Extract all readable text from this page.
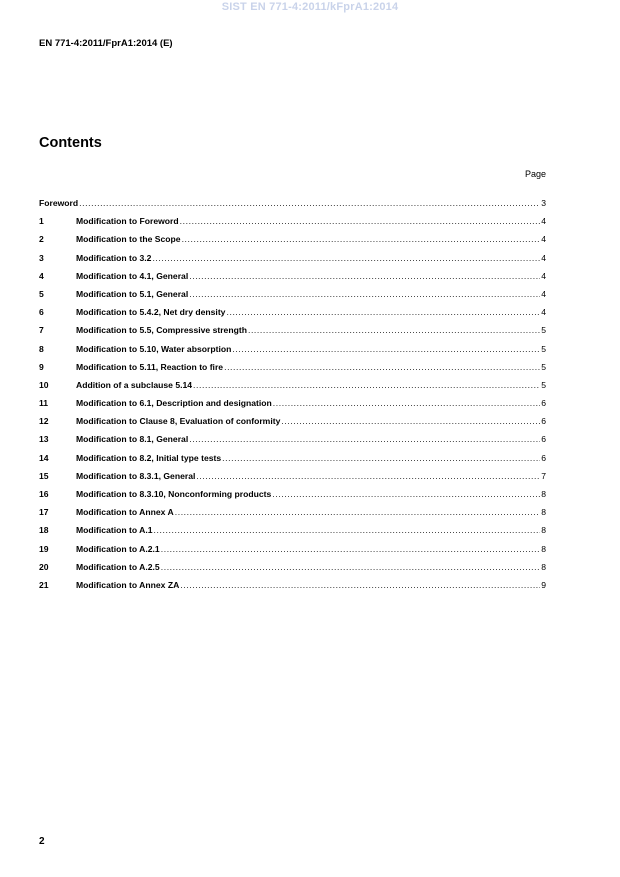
SIST EN 771-4:2011/kFprA1:2014
EN 771-4:2011/FprA1:2014 (E)
Contents
Page
Foreword .....	3
1	Modification to Foreword .....	4
2	Modification to the Scope .....	4
3	Modification to 3.2 .....	4
4	Modification to 4.1, General .....	4
5	Modification to 5.1, General .....	4
6	Modification to 5.4.2, Net dry density .....	4
7	Modification to 5.5, Compressive strength .....	5
8	Modification to 5.10, Water absorption .....	5
9	Modification to 5.11, Reaction to fire .....	5
10	Addition of a subclause 5.14 .....	5
11	Modification to 6.1, Description and designation .....	6
12	Modification to Clause 8, Evaluation of conformity .....	6
13	Modification to 8.1, General .....	6
14	Modification to 8.2, Initial type tests .....	6
15	Modification to 8.3.1, General .....	7
16	Modification to 8.3.10, Nonconforming products .....	8
17	Modification to Annex A .....	8
18	Modification to A.1 .....	8
19	Modification to A.2.1 .....	8
20	Modification to A.2.5 .....	8
21	Modification to Annex ZA .....	9
2
